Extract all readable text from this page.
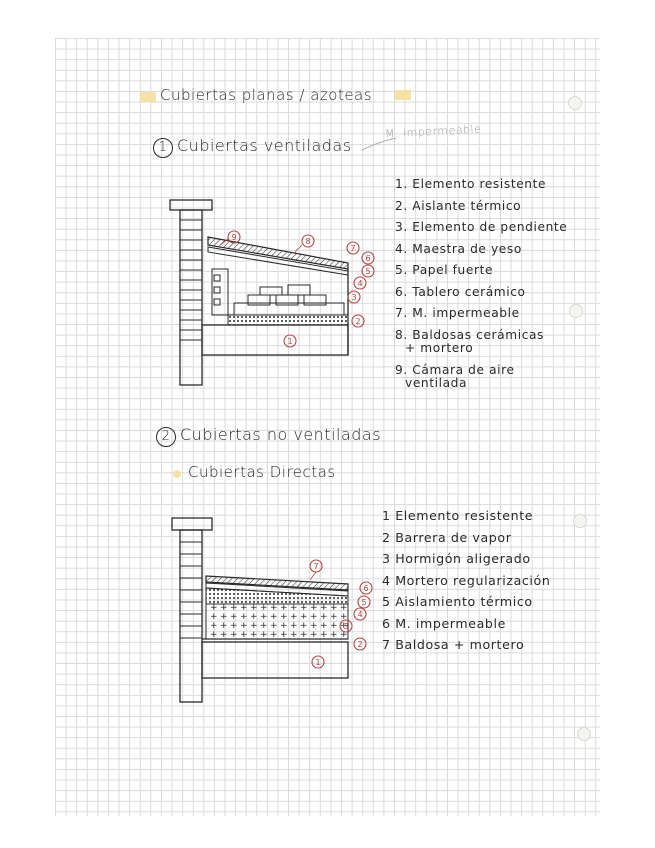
Cubiertas planas / azoteas
1 Cubiertas ventiladas
M. impermeable
1. Elemento resistente
2. Aislante térmico
3. Elemento de pendiente
4. Maestra de yeso
5. Papel fuerte
6. Tablero cerámico
7. M. impermeable
8. Baldosas cerámicas
+ mortero
9. Cámara de aire
ventilada
9	8
7
6
5
4
3
2
1
2 Cubiertas no ventiladas
Cubiertas Directas
1 Elemento resistente
2 Barrera de vapor
3 Hormigón aligerado
4 Mortero regularización
5 Aislamiento térmico
6 M. impermeable
7 Baldosa + mortero
7
6
5
4
3
2
1
